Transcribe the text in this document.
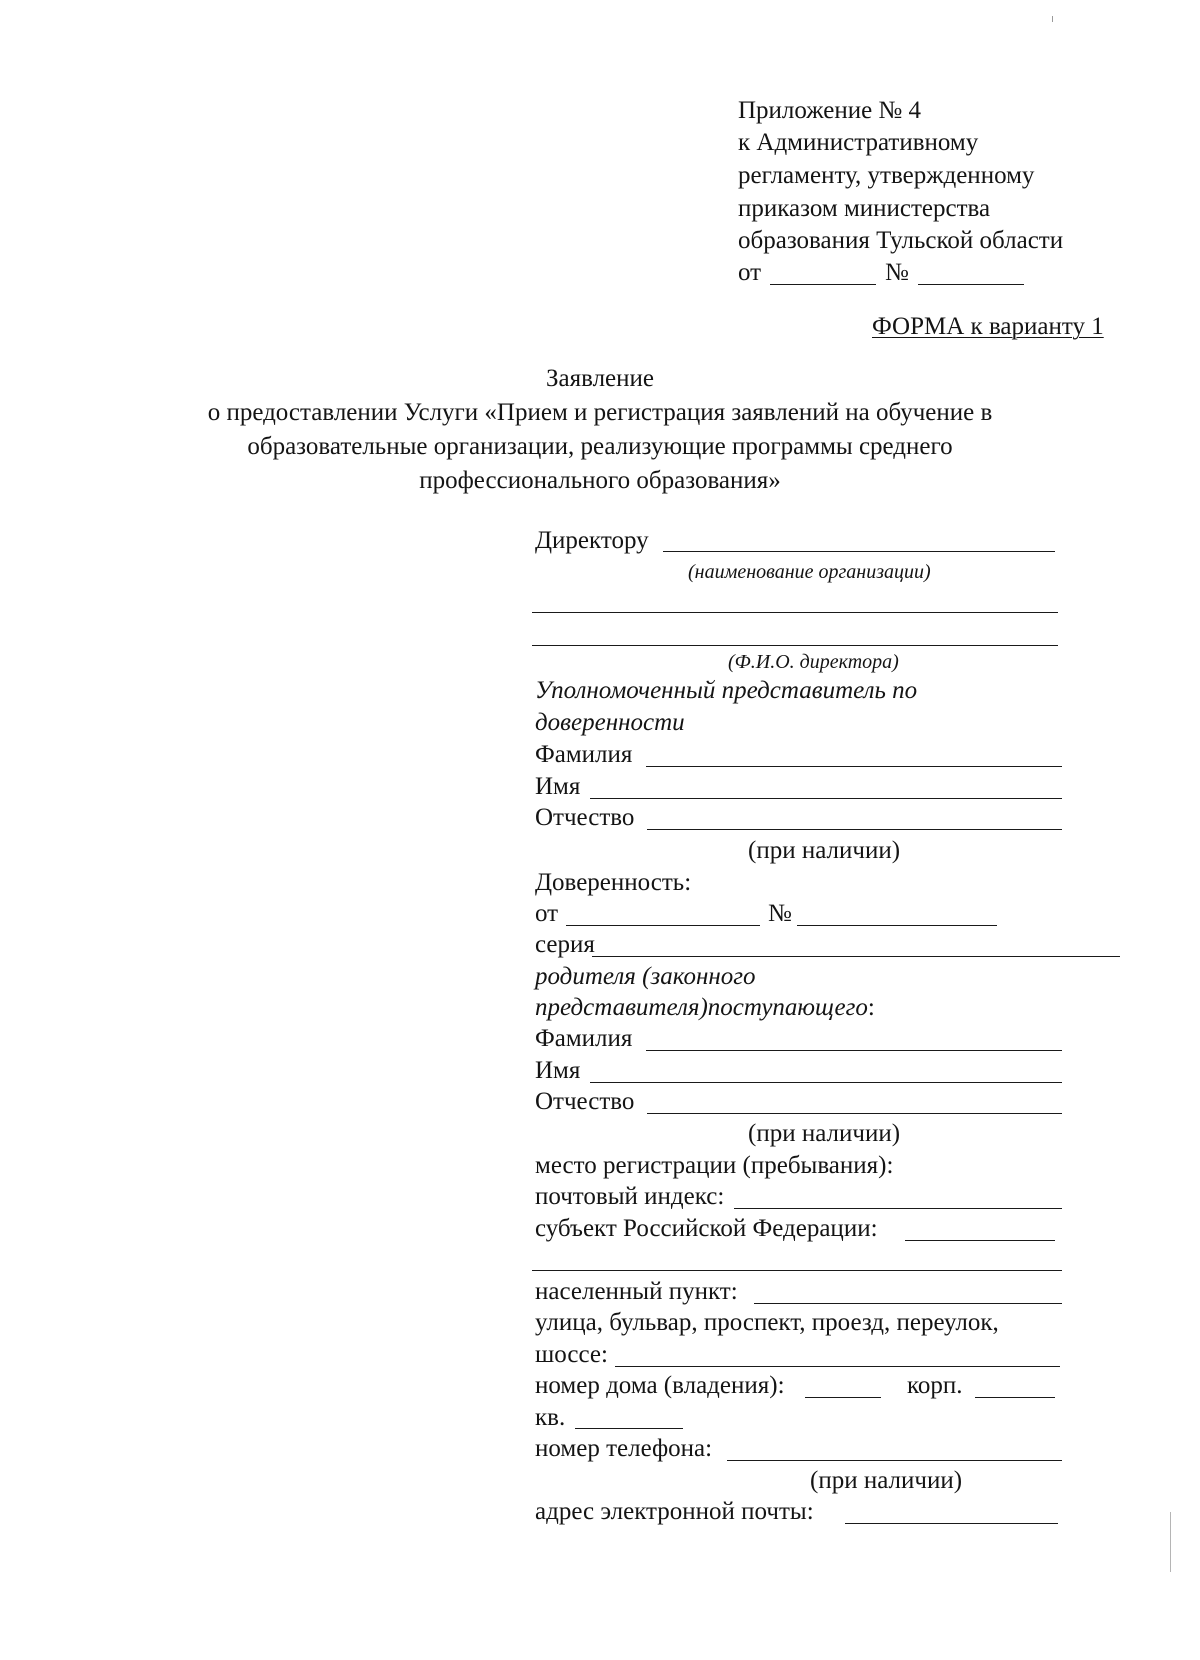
Приложение № 4
к Административному
регламенту, утвержденному
приказом министерства
образования Тульской области
от	№
ФОРМА к варианту 1
Заявление
о предоставлении Услуги «Прием и регистрация заявлений на обучение в
образовательные организации, реализующие программы среднего
профессионального образования»
Директору
(наименование организации)
(Ф.И.О. директора)
Уполномоченный представитель по
доверенности
Фамилия
Имя
Отчество
(при наличии)
Доверенность:
от	№
серия
родителя (законного
представителя)поступающего:
Фамилия
Имя
Отчество
(при наличии)
место регистрации (пребывания):
почтовый индекс:
субъект Российской Федерации:
населенный пункт:
улица, бульвар, проспект, проезд, переулок,
шоссе:
номер дома (владения):	корп.
кв.
номер телефона:
(при наличии)
адрес электронной почты:
